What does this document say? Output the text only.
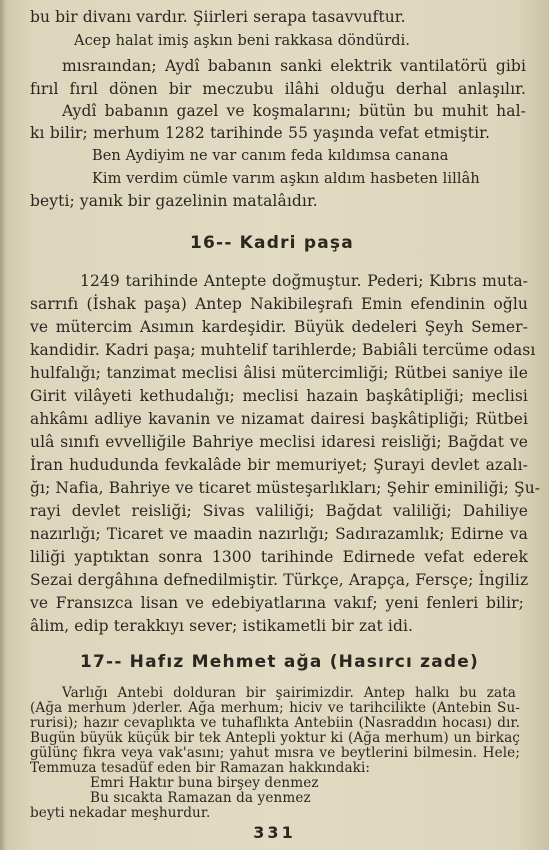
bu bir divanı vardır. Şiirleri serapa tasavvuftur.
Acep halat imiş aşkın beni rakkasa döndürdi.
mısraından; Aydî babanın sanki elektrik vantilatörü gibi
fırıl fırıl dönen bir meczubu ilâhi olduğu derhal anlaşılır.
Aydî babanın gazel ve koşmalarını; bütün bu muhit hal-
kı bilir; merhum 1282 tarihinde 55 yaşında vefat etmiştir.
Ben Aydiyim ne var canım feda kıldımsa canana
Kim verdim cümle varım aşkın aldım hasbeten lillâh
beyti; yanık bir gazelinin matalâıdır.
16-- Kadri paşa
1249 tarihinde Antepte doğmuştur. Pederi; Kıbrıs muta-
sarrıfı (İshak paşa) Antep Nakibileşrafı Emin efendinin oğlu
ve mütercim Asımın kardeşidir. Büyük dedeleri Şeyh Semer-
kandidir. Kadri paşa; muhtelif tarihlerde; Babiâli tercüme odası
hulfalığı; tanzimat meclisi âlisi mütercimliği; Rütbei saniye ile
Girit vilâyeti kethudalığı; meclisi hazain başkâtipliği; meclisi
ahkâmı adliye kavanin ve nizamat dairesi başkâtipliği; Rütbei
ulâ sınıfı evvelliğile Bahriye meclisi idaresi reisliği; Bağdat ve
İran hududunda fevkalâde bir memuriyet; Şurayi devlet azalı-
ğı; Nafia, Bahriye ve ticaret müsteşarlıkları; Şehir eminiliği; Şu-
rayi devlet reisliği; Sivas valiliği; Bağdat valiliği; Dahiliye
nazırlığı; Ticaret ve maadin nazırlığı; Sadırazamlık; Edirne va
liliği yaptıktan sonra 1300 tarihinde Edirnede vefat ederek
Sezai dergâhına defnedilmiştir. Türkçe, Arapça, Fersçe; İngiliz
ve Fransızca lisan ve edebiyatlarına vakıf; yeni fenleri bilir;
âlim, edip terakkıyı sever; istikametli bir zat idi.
17-- Hafız Mehmet ağa (Hasırcı zade)
Varlığı Antebi dolduran bir şairimizdir. Antep halkı bu zata
(Ağa merhum )derler. Ağa merhum; hiciv ve tarihcilikte (Antebin Su-
rurisi); hazır cevaplıkta ve tuhaflıkta Antebiin (Nasraddın hocası) dır.
Bugün büyük küçük bir tek Antepli yoktur ki (Ağa merhum) un birkaç
gülünç fıkra veya vak'asını; yahut mısra ve beytlerini bilmesin. Hele;
Temmuza tesadüf eden bir Ramazan hakkındaki:
Emri Haktır buna birşey denmez
Bu sıcakta Ramazan da yenmez
beyti nekadar meşhurdur.
331
